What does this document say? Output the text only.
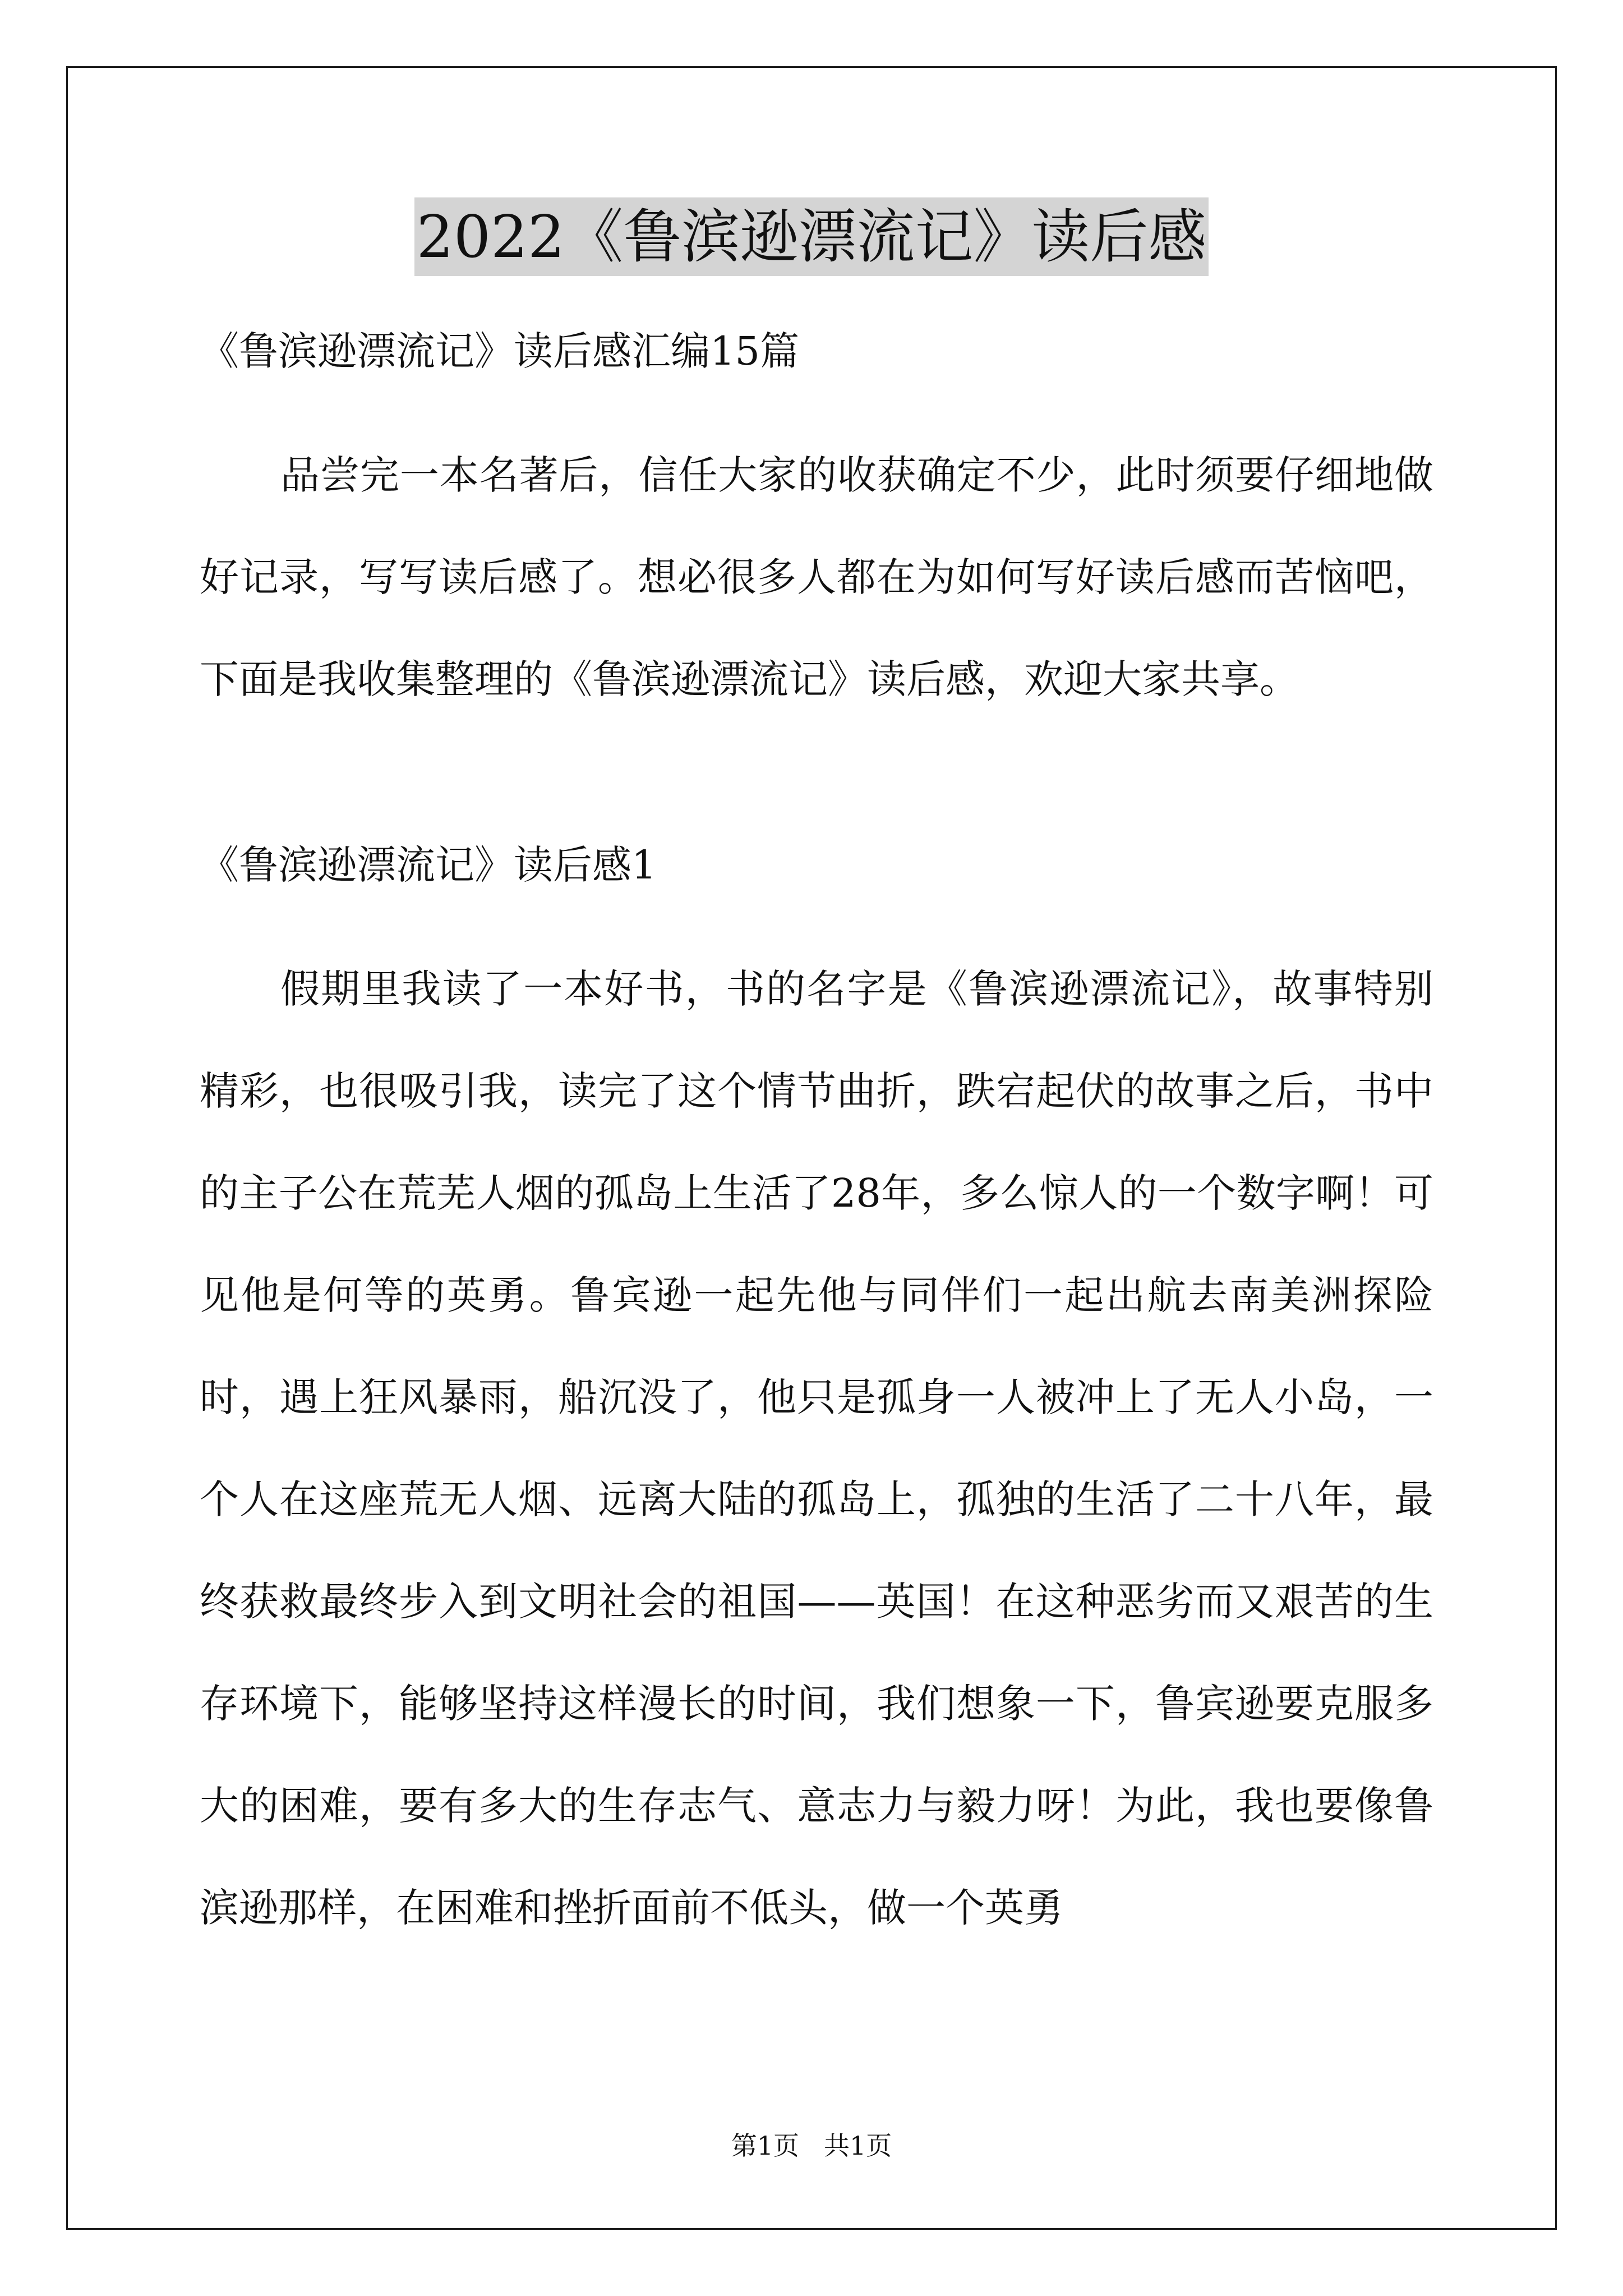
2022《鲁滨逊漂流记》读后感

《鲁滨逊漂流记》读后感汇编15篇

品尝完一本名著后，信任大家的收获确定不少，此时须要仔细地做好记录，写写读后感了。想必很多人都在为如何写好读后感而苦恼吧，下面是我收集整理的《鲁滨逊漂流记》读后感，欢迎大家共享。

《鲁滨逊漂流记》读后感1

假期里我读了一本好书，书的名字是《鲁滨逊漂流记》，故事特别精彩，也很吸引我，读完了这个情节曲折，跌宕起伏的故事之后，书中的主子公在荒芜人烟的孤岛上生活了28年，多么惊人的一个数字啊！可见他是何等的英勇。鲁宾逊一起先他与同伴们一起出航去南美洲探险时，遇上狂风暴雨，船沉没了，他只是孤身一人被冲上了无人小岛，一个人在这座荒无人烟、远离大陆的孤岛上，孤独的生活了二十八年，最终获救最终步入到文明社会的祖国——英国！在这种恶劣而又艰苦的生存环境下，能够坚持这样漫长的时间，我们想象一下，鲁宾逊要克服多大的困难，要有多大的生存志气、意志力与毅力呀！为此，我也要像鲁滨逊那样，在困难和挫折面前不低头，做一个英勇

第1页 共1页
